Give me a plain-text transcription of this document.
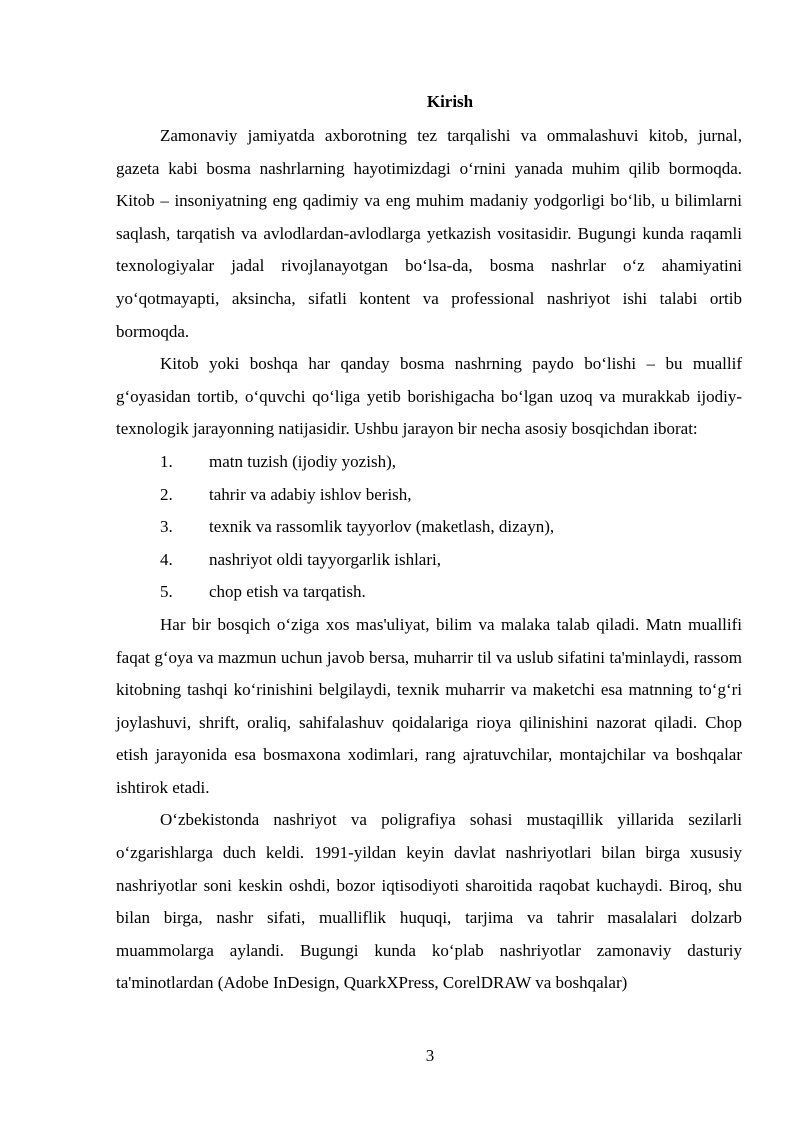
Kirish

Zamonaviy jamiyatda axborotning tez tarqalishi va ommalashuvi kitob, jurnal, gazeta kabi bosma nashrlarning hayotimizdagi o‘rnini yanada muhim qilib bormoqda. Kitob – insoniyatning eng qadimiy va eng muhim madaniy yodgorligi bo‘lib, u bilimlarni saqlash, tarqatish va avlodlardan-avlodlarga yetkazish vositasidir. Bugungi kunda raqamli texnologiyalar jadal rivojlanayotgan bo‘lsa-da, bosma nashrlar o‘z ahamiyatini yo‘qotmayapti, aksincha, sifatli kontent va professional nashriyot ishi talabi ortib bormoqda.

Kitob yoki boshqa har qanday bosma nashrning paydo bo‘lishi – bu muallif g‘oyasidan tortib, o‘quvchi qo‘liga yetib borishigacha bo‘lgan uzoq va murakkab ijodiy-texnologik jarayonning natijasidir. Ushbu jarayon bir necha asosiy bosqichdan iborat:

1.	matn tuzish (ijodiy yozish),
2.	tahrir va adabiy ishlov berish,
3.	texnik va rassomlik tayyorlov (maketlash, dizayn),
4.	nashriyot oldi tayyorgarlik ishlari,
5.	chop etish va tarqatish.

Har bir bosqich o‘ziga xos mas'uliyat, bilim va malaka talab qiladi. Matn muallifi faqat g‘oya va mazmun uchun javob bersa, muharrir til va uslub sifatini ta'minlaydi, rassom kitobning tashqi ko‘rinishini belgilaydi, texnik muharrir va maketchi esa matnning to‘g‘ri joylashuvi, shrift, oraliq, sahifalashuv qoidalariga rioya qilinishini nazorat qiladi. Chop etish jarayonida esa bosmaxona xodimlari, rang ajratuvchilar, montajchilar va boshqalar ishtirok etadi.

O‘zbekistonda nashriyot va poligrafiya sohasi mustaqillik yillarida sezilarli o‘zgarishlarga duch keldi. 1991-yildan keyin davlat nashriyotlari bilan birga xususiy nashriyotlar soni keskin oshdi, bozor iqtisodiyoti sharoitida raqobat kuchaydi. Biroq, shu bilan birga, nashr sifati, mualliflik huquqi, tarjima va tahrir masalalari dolzarb muammolarga aylandi. Bugungi kunda ko‘plab nashriyotlar zamonaviy dasturiy ta'minotlardan (Adobe InDesign, QuarkXPress, CorelDRAW va boshqalar)

3
